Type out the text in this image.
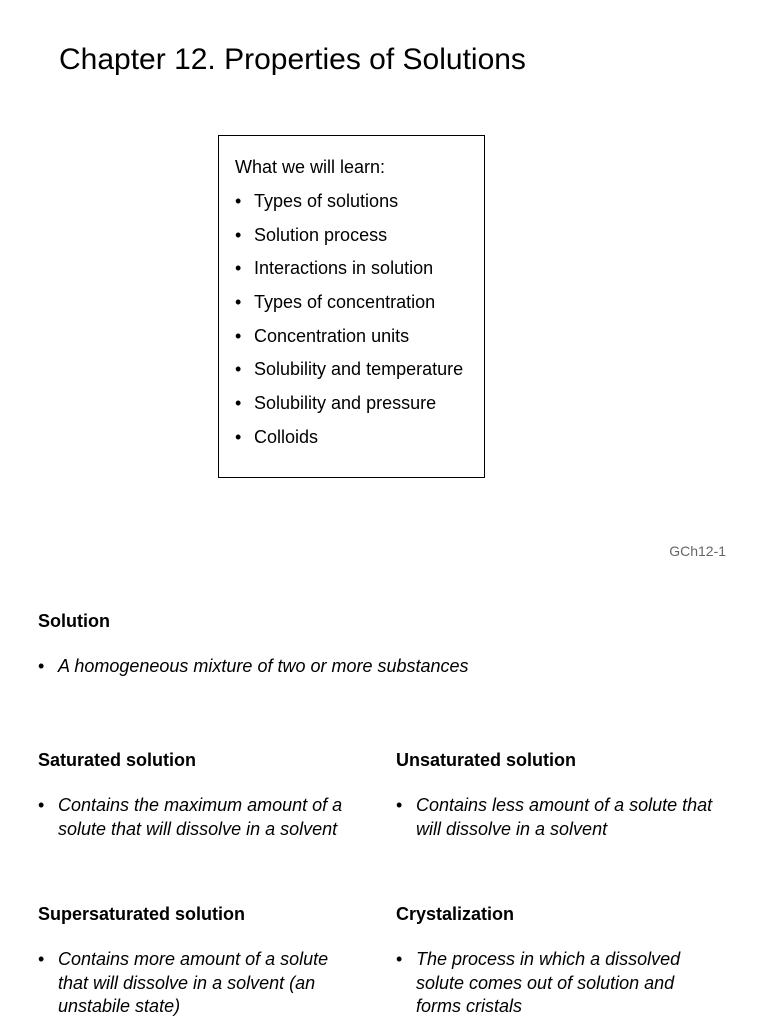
Chapter 12. Properties of Solutions
What we will learn:
• Types of solutions
• Solution process
• Interactions in solution
• Types of concentration
• Concentration units
• Solubility and temperature
• Solubility and pressure
• Colloids
GCh12-1
Solution
• A homogeneous mixture of two or more substances
Saturated solution
• Contains the maximum amount of a solute that will dissolve in a solvent
Unsaturated solution
• Contains less amount of a solute that will dissolve in a solvent
Supersaturated solution
• Contains more amount of a solute that will dissolve in a solvent (an unstabile state)
Crystalization
• The process in which a dissolved solute comes out of solution and forms cristals
